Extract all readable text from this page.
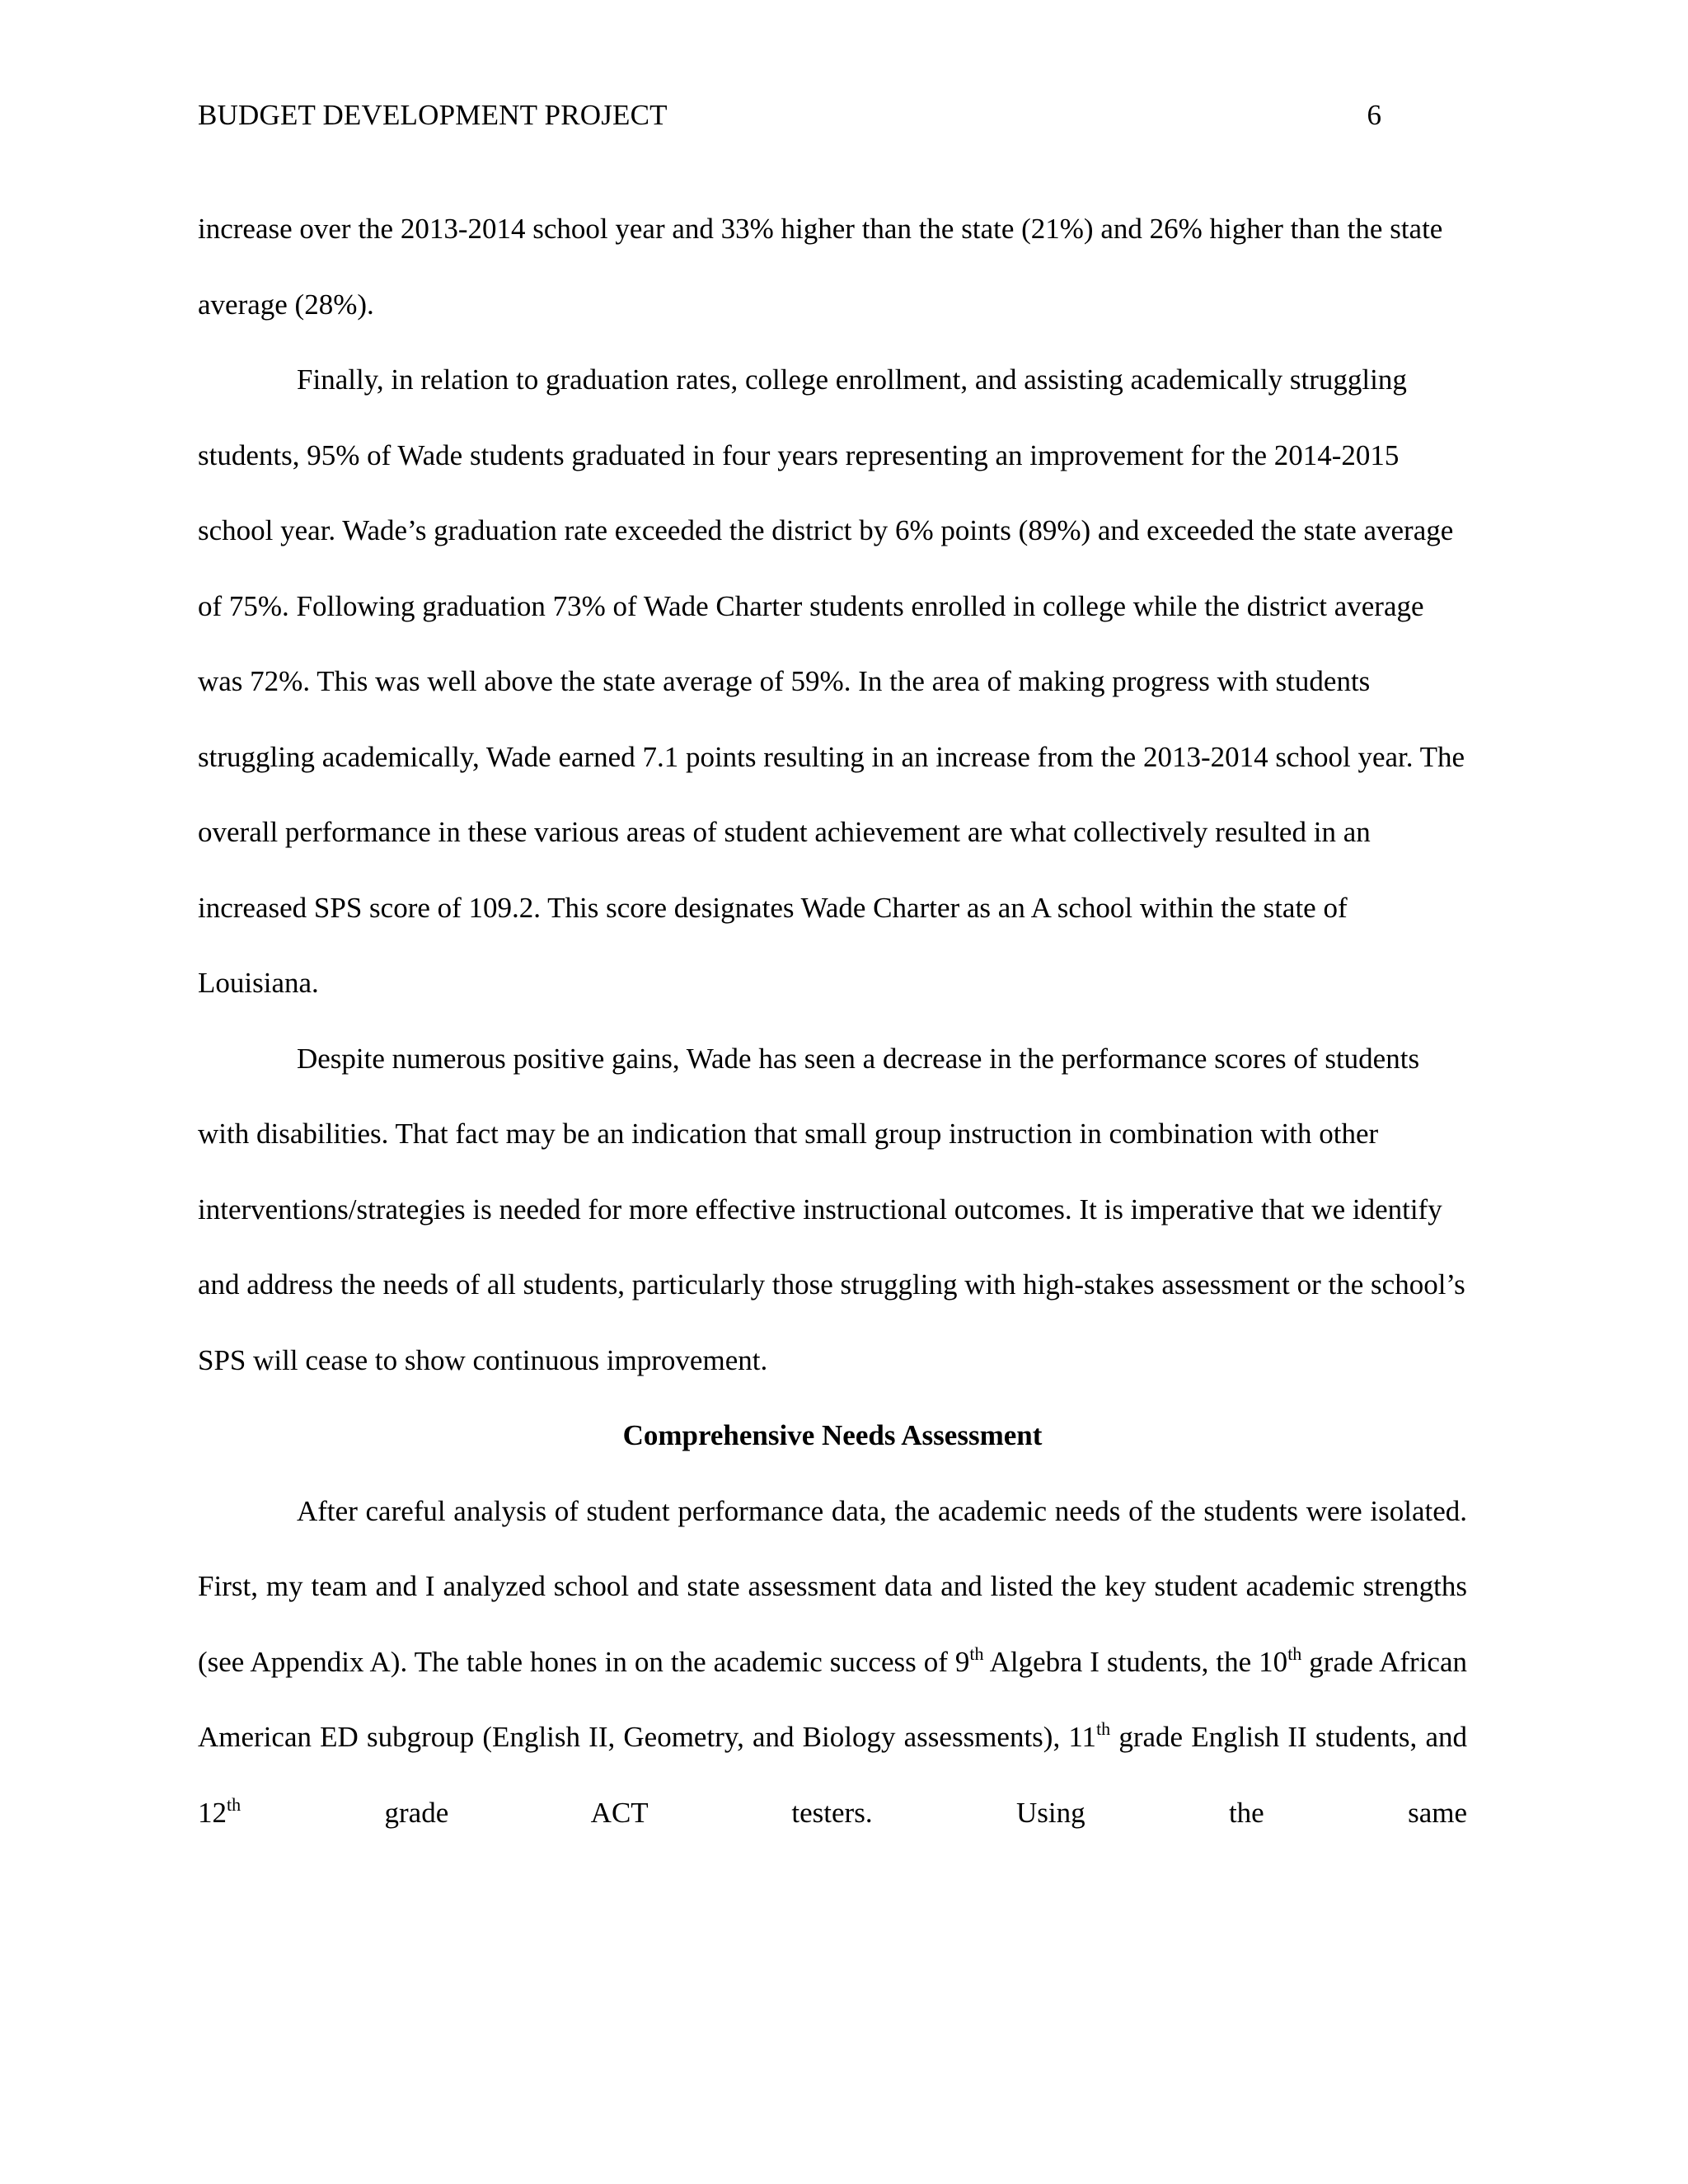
BUDGET DEVELOPMENT PROJECT	6

increase over the 2013-2014 school year and 33% higher than the state (21%) and 26% higher than the state average (28%).

Finally, in relation to graduation rates, college enrollment, and assisting academically struggling students, 95% of Wade students graduated in four years representing an improvement for the 2014-2015 school year. Wade’s graduation rate exceeded the district by 6% points (89%) and exceeded the state average of 75%. Following graduation 73% of Wade Charter students enrolled in college while the district average was 72%. This was well above the state average of 59%. In the area of making progress with students struggling academically, Wade earned 7.1 points resulting in an increase from the 2013-2014 school year. The overall performance in these various areas of student achievement are what collectively resulted in an increased SPS score of 109.2. This score designates Wade Charter as an A school within the state of Louisiana.

Despite numerous positive gains, Wade has seen a decrease in the performance scores of students with disabilities. That fact may be an indication that small group instruction in combination with other interventions/strategies is needed for more effective instructional outcomes. It is imperative that we identify and address the needs of all students, particularly those struggling with high-stakes assessment or the school’s SPS will cease to show continuous improvement.

Comprehensive Needs Assessment

After careful analysis of student performance data, the academic needs of the students were isolated. First, my team and I analyzed school and state assessment data and listed the key student academic strengths (see Appendix A). The table hones in on the academic success of 9th Algebra I students, the 10th grade African American ED subgroup (English II, Geometry, and Biology assessments), 11th grade English II students, and 12th grade ACT testers. Using the same
